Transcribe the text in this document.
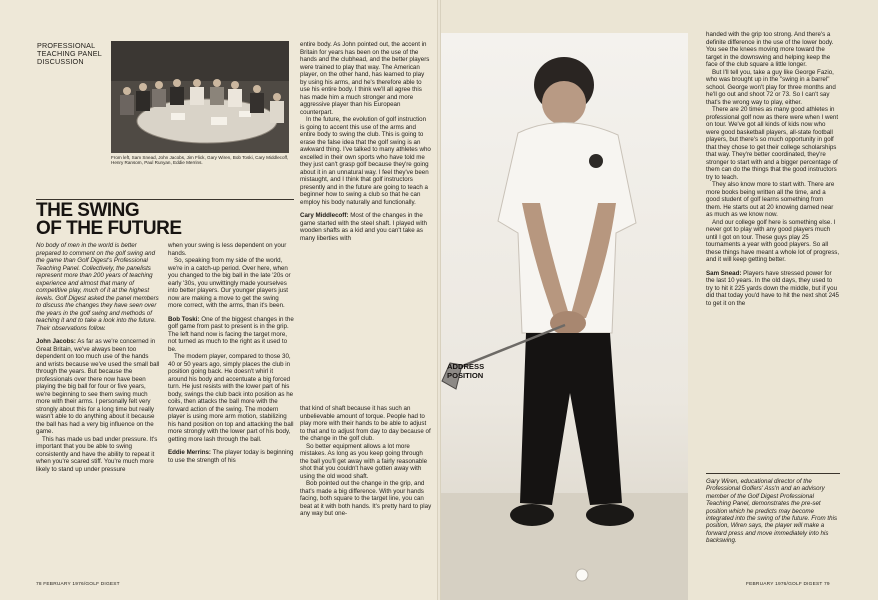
PROFESSIONAL
TEACHING PANEL
DISCUSSION
From left, Sam Snead, John Jacobs, Jim Flick, Gary Wiren, Bob Toski, Cary Middlecoff, Henry Ransom, Paul Runyan, Eddie Merrins.
THE SWING
OF THE FUTURE

No body of men in the world is better prepared to comment on the golf swing and the game than Golf Digest's Professional Teaching Panel. Collectively, the panelists represent more than 200 years of teaching experience and almost that many of competitive play, much of it at the highest levels. Golf Digest asked the panel members to discuss the changes they have seen over the years in the golf swing and methods of teaching it and to take a look into the future. Their observations follow.

John Jacobs: As far as we're concerned in Great Britain, we've always been too dependent on too much use of the hands and wrists because we've used the small ball through the years. But because the professionals over there now have been playing the big ball for four or five years, we're beginning to see them swing much more with their arms. I personally felt very strongly about this for a long time but really wasn't able to do anything about it because the ball has had a very big influence on the game.

This has made us bad under pressure. It's important that you be able to swing consistently and have the ability to repeat it when you're scared stiff. You're much more likely to stand up under pressure

when your swing is less dependent on your hands.

So, speaking from my side of the world, we're in a catch-up period. Over here, when you changed to the big ball in the late '20s or early '30s, you unwittingly made yourselves into better players. Our younger players just now are making a move to get the swing more correct, with the arms, than it's been.

Bob Toski: One of the biggest changes in the golf game from past to present is in the grip. The left hand now is facing the target more, not turned as much to the right as it used to be.

The modern player, compared to those 30, 40 or 50 years ago, simply places the club in position going back. He doesn't whirl it around his body and accentuate a big forced turn. He just resists with the lower part of his body, swings the club back into position as he coils, then attacks the ball more with the forward action of the swing. The modern player is using more arm motion, stabilizing his hand position on top and attacking the ball more strongly with the lower part of his body, getting more lash through the ball.

Eddie Merrins: The player today is beginning to use the strength of his

entire body. As John pointed out, the accent in Britain for years has been on the use of the hands and the clubhead, and the better players were trained to play that way. The American player, on the other hand, has learned to play by using his arms, and he's therefore able to use his entire body. I think we'll all agree this has made him a much stronger and more aggressive player than his European counterpart.

In the future, the evolution of golf instruction is going to accent this use of the arms and entire body to swing the club. This is going to erase the false idea that the golf swing is an awkward thing. I've talked to many athletes who excelled in their own sports who have told me they just can't grasp golf because they're going about it in an unnatural way. I feel they've been mistaught, and I think that golf instructors presently and in the future are going to teach a beginner how to swing a club so that he can employ his body naturally and functionally.

Cary Middlecoff: Most of the changes in the game started with the steel shaft. I played with wooden shafts as a kid and you can't take as many liberties with

that kind of shaft because it has such an unbelievable amount of torque. People had to play more with their hands to be able to adjust to that and to adjust from day to day because of the change in the golf club.

So better equipment allows a lot more mistakes. As long as you keep going through the ball you'll get away with a fairly reasonable shot that you couldn't have gotten away with using the old wood shaft.

Bob pointed out the change in the grip, and that's made a big difference. With your hands facing, both square to the target line, you can beat at it with both hands. It's pretty hard to play any way but one-

78 FEBRUARY 1976/GOLF DIGEST
ADDRESS
POSITION

handed with the grip too strong. And there's a definite difference in the use of the lower body. You see the knees moving more toward the target in the downswing and helping keep the face of the club square a little longer.

But I'll tell you, take a guy like George Fazio, who was brought up in the "swing in a barrel" school. George won't play for three months and he'll go out and shoot 72 or 73. So I can't say that's the wrong way to play, either.

There are 20 times as many good athletes in professional golf now as there were when I went on tour. We've got all kinds of kids now who were good basketball players, all-state football players, but there's so much opportunity in golf that they chose to get their college scholarships that way. They're better coordinated, they're stronger to start with and a bigger percentage of them can do the things that the good instructors try to teach.

They also know more to start with. There are more books being written all the time, and a good student of golf learns something from them. He starts out at 20 knowing darned near as much as we know now.

And our college golf here is something else. I never got to play with any good players much until I got on tour. These guys play 25 tournaments a year with good players. So all these things have meant a whole lot of progress, and it will keep getting better.

Sam Snead: Players have stressed power for the last 10 years. In the old days, they used to try to hit it 225 yards down the middle, but if you did that today you'd have to hit the next shot 245 to get it on the

Gary Wiren, educational director of the Professional Golfers' Ass'n and an advisory member of the Golf Digest Professional Teaching Panel, demonstrates the pre-set position which he predicts may become integrated into the swing of the future. From this position, Wiren says, the player will make a forward press and move immediately into his backswing.
FEBRUARY 1976/GOLF DIGEST 79
